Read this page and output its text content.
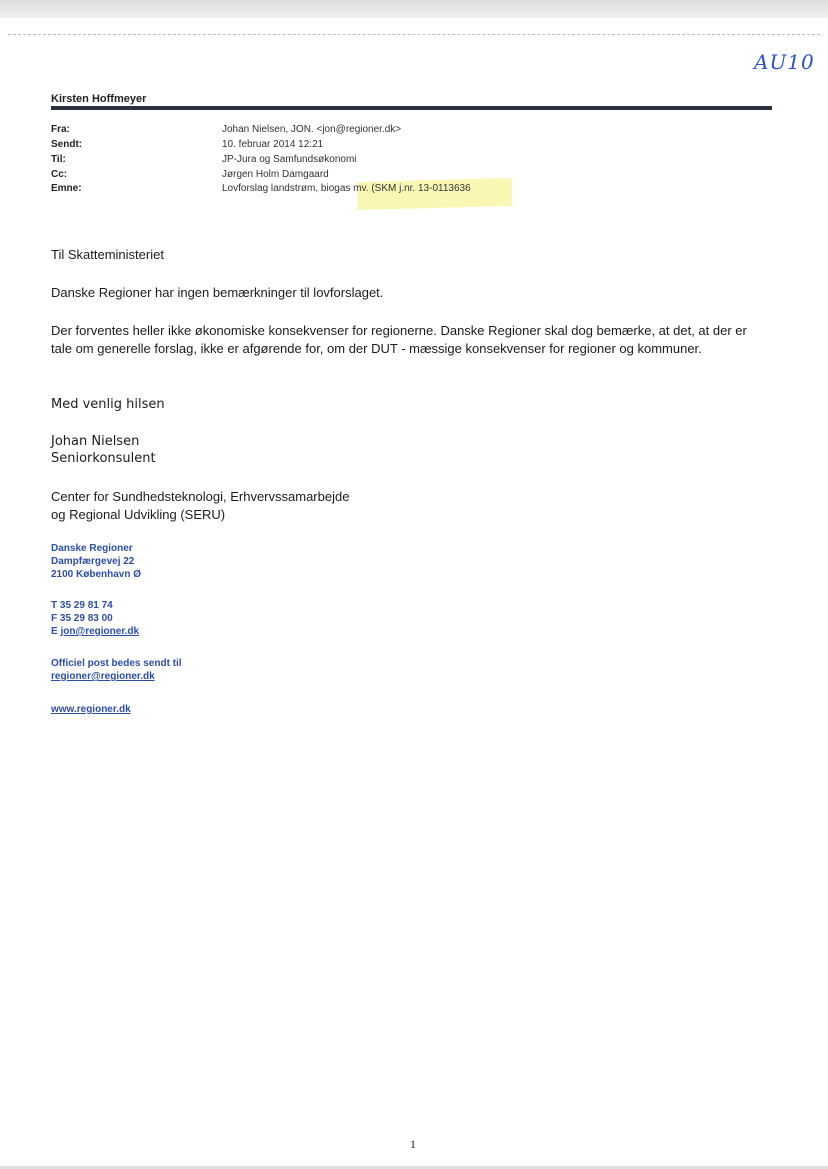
AU10
Kirsten Hoffmeyer
Fra:	Johan Nielsen, JON. <jon@regioner.dk>
Sendt:	10. februar 2014 12:21
Til:	JP-Jura og Samfundsøkonomi
Cc:	Jørgen Holm Damgaard
Emne:	Lovforslag landstrøm, biogas mv. (SKM j.nr. 13-0113636
Til Skatteministeriet
Danske Regioner har ingen bemærkninger til lovforslaget.
Der forventes heller ikke økonomiske konsekvenser for regionerne. Danske Regioner skal dog bemærke, at det, at der er tale om generelle forslag, ikke er afgørende for, om der DUT - mæssige konsekvenser for regioner og kommuner.
Med venlig hilsen
Johan Nielsen
Seniorkonsulent
Center for Sundhedsteknologi, Erhvervssamarbejde
og Regional Udvikling (SERU)
Danske Regioner
Dampfærgevej 22
2100 København Ø
T 35 29 81 74
F 35 29 83 00
E jon@regioner.dk
Officiel post bedes sendt til
regioner@regioner.dk
www.regioner.dk
1
